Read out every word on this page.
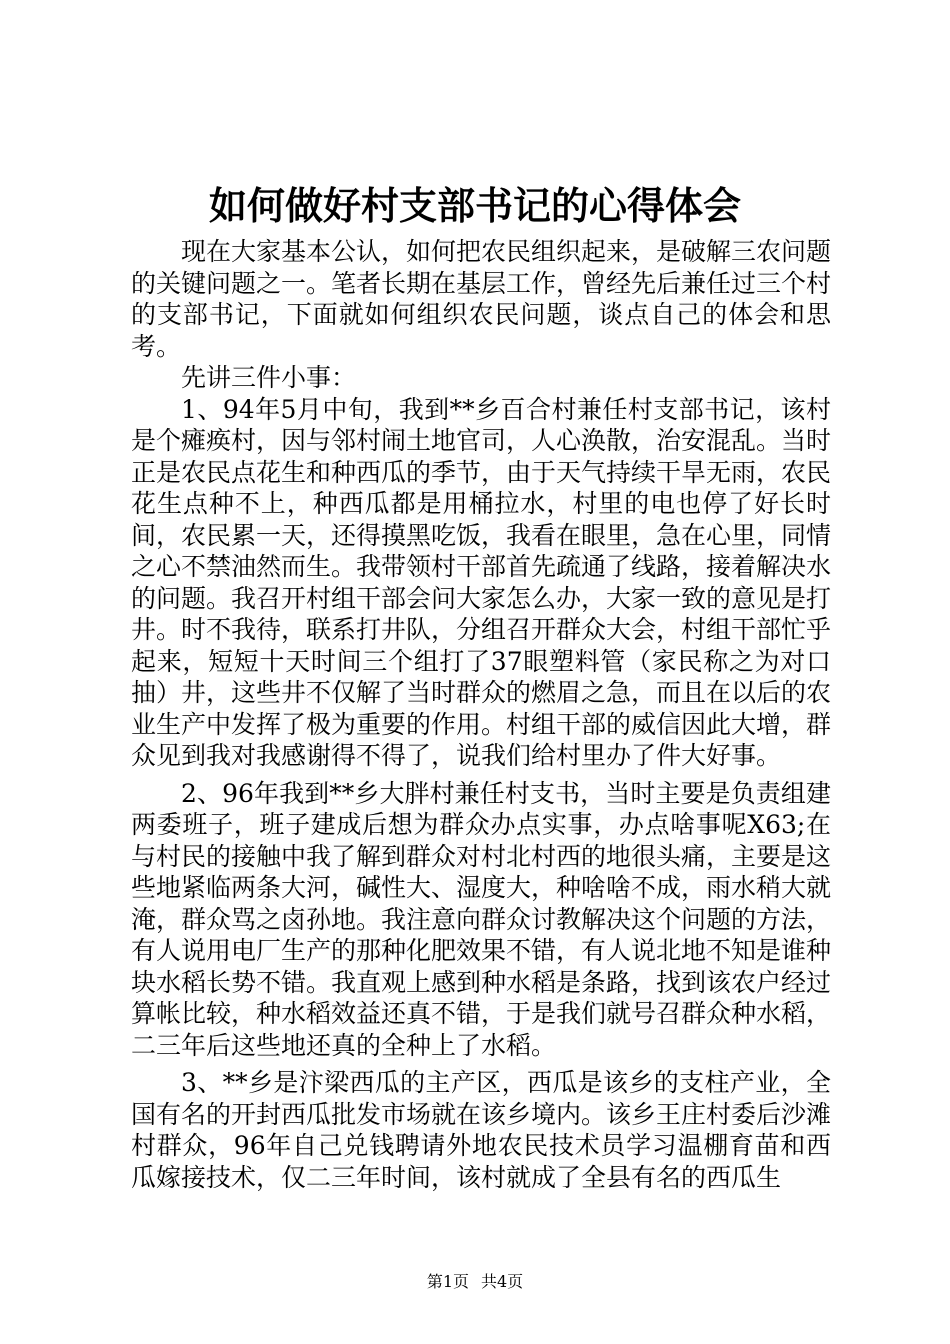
如何做好村支部书记的心得体会

现在大家基本公认，如何把农民组织起来，是破解三农问题的关键问题之一。笔者长期在基层工作，曾经先后兼任过三个村的支部书记，下面就如何组织农民问题，谈点自己的体会和思考。

先讲三件小事：

1、94年5月中旬，我到**乡百合村兼任村支部书记，该村是个瘫痪村，因与邻村闹土地官司，人心涣散，治安混乱。当时正是农民点花生和种西瓜的季节，由于天气持续干旱无雨，农民花生点种不上，种西瓜都是用桶拉水，村里的电也停了好长时间，农民累一天，还得摸黑吃饭，我看在眼里，急在心里，同情之心不禁油然而生。我带领村干部首先疏通了线路，接着解决水的问题。我召开村组干部会问大家怎么办，大家一致的意见是打井。时不我待，联系打井队，分组召开群众大会，村组干部忙乎起来，短短十天时间三个组打了37眼塑料管（家民称之为对口抽）井，这些井不仅解了当时群众的燃眉之急，而且在以后的农业生产中发挥了极为重要的作用。村组干部的威信因此大增，群众见到我对我感谢得不得了，说我们给村里办了件大好事。

2、96年我到**乡大胖村兼任村支书，当时主要是负责组建两委班子，班子建成后想为群众办点实事，办点啥事呢X63;在与村民的接触中我了解到群众对村北村西的地很头痛，主要是这些地紧临两条大河，碱性大、湿度大，种啥啥不成，雨水稍大就淹，群众骂之卤孙地。我注意向群众讨教解决这个问题的方法，有人说用电厂生产的那种化肥效果不错，有人说北地不知是谁种块水稻长势不错。我直观上感到种水稻是条路，找到该农户经过算帐比较，种水稻效益还真不错，于是我们就号召群众种水稻，二三年后这些地还真的全种上了水稻。

3、**乡是汴梁西瓜的主产区，西瓜是该乡的支柱产业，全国有名的开封西瓜批发市场就在该乡境内。该乡王庄村委后沙滩村群众，96年自己兑钱聘请外地农民技术员学习温棚育苗和西瓜嫁接技术，仅二三年时间，该村就成了全县有名的西瓜生

第1页 共4页
